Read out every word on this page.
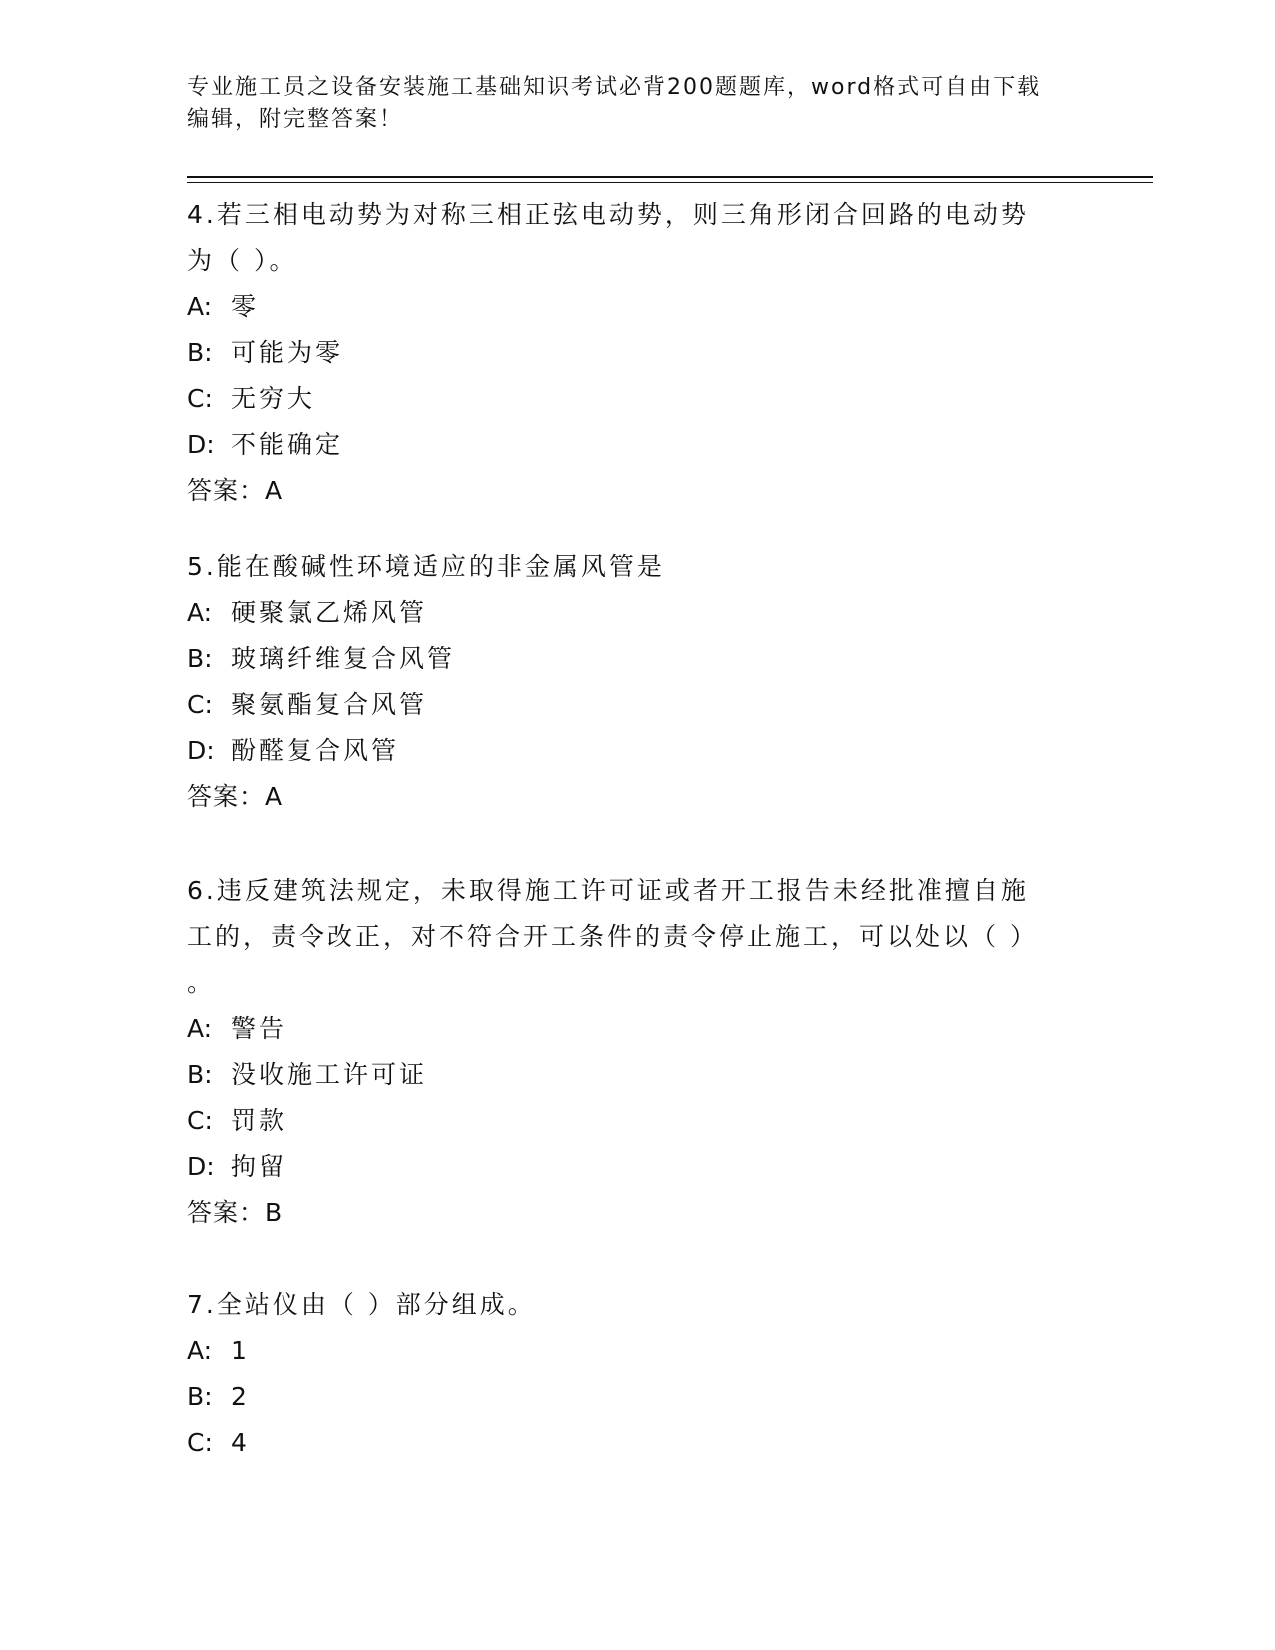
专业施工员之设备安装施工基础知识考试必背200题题库，word格式可自由下载
编辑，附完整答案！
4.若三相电动势为对称三相正弦电动势，则三角形闭合回路的电动势
为（ ）。
A: 零
B: 可能为零
C: 无穷大
D: 不能确定
答案：A
5.能在酸碱性环境适应的非金属风管是
A: 硬聚氯乙烯风管
B: 玻璃纤维复合风管
C: 聚氨酯复合风管
D: 酚醛复合风管
答案：A
6.违反建筑法规定，未取得施工许可证或者开工报告未经批准擅自施
工的，责令改正，对不符合开工条件的责令停止施工，可以处以（ ）
。
A: 警告
B: 没收施工许可证
C: 罚款
D: 拘留
答案：B
7.全站仪由（ ）部分组成。
A: 1
B: 2
C: 4
